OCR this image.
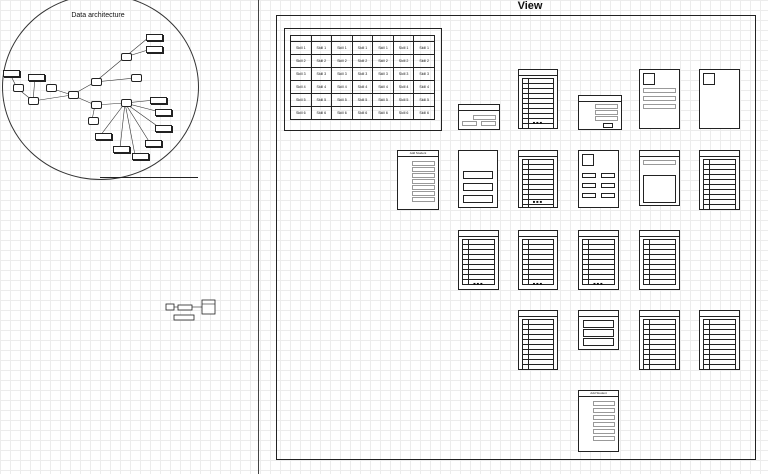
Data architecture
View

Skill 1	Skill 1	Skill 1	Skill 1	Skill 1	Skill 1	Skill 1
Skill 2	Skill 2	Skill 2	Skill 2	Skill 2	Skill 2	Skill 2
Skill 3	Skill 3	Skill 3	Skill 3	Skill 3	Skill 3	Skill 3
Skill 4	Skill 4	Skill 4	Skill 4	Skill 4	Skill 4	Skill 4
Skill 5	Skill 5	Skill 5	Skill 5	Skill 5	Skill 5	Skill 5
Skill 6	Skill 6	Skill 6	Skill 6	Skill 6	Skill 6	Skill 6
■■■
Add Student
■■■
■■■	■■■	■■■
Add Student
